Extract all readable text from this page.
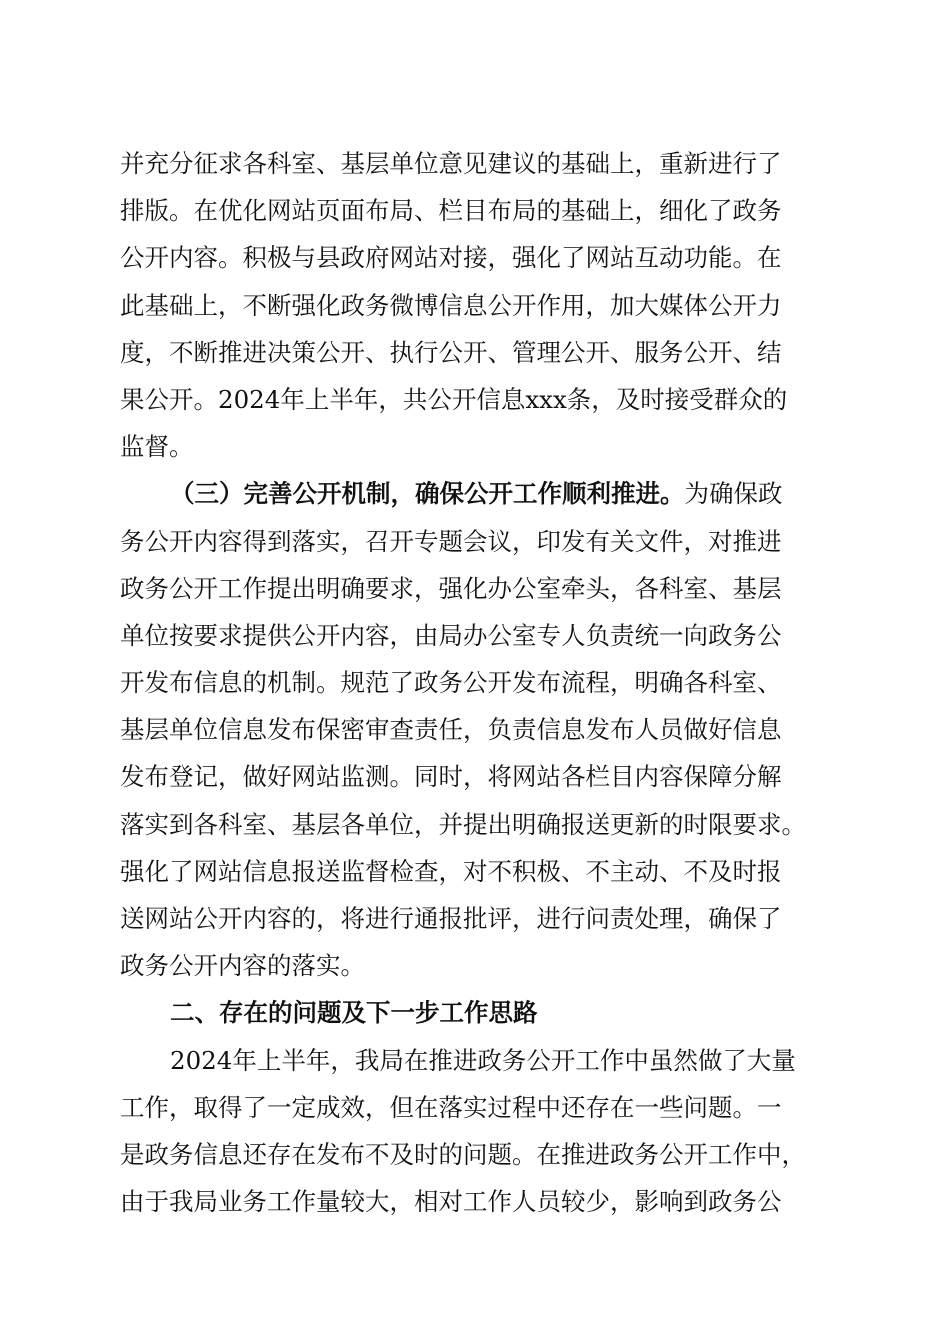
并充分征求各科室、基层单位意见建议的基础上，重新进行了
排版。在优化网站页面布局、栏目布局的基础上，细化了政务
公开内容。积极与县政府网站对接，强化了网站互动功能。在
此基础上，不断强化政务微博信息公开作用，加大媒体公开力
度，不断推进决策公开、执行公开、管理公开、服务公开、结
果公开。2024年上半年，共公开信息xxx条，及时接受群众的
监督。
（三）完善公开机制，确保公开工作顺利推进。为确保政
务公开内容得到落实，召开专题会议，印发有关文件，对推进
政务公开工作提出明确要求，强化办公室牵头，各科室、基层
单位按要求提供公开内容，由局办公室专人负责统一向政务公
开发布信息的机制。规范了政务公开发布流程，明确各科室、
基层单位信息发布保密审查责任，负责信息发布人员做好信息
发布登记，做好网站监测。同时，将网站各栏目内容保障分解
落实到各科室、基层各单位，并提出明确报送更新的时限要求。
强化了网站信息报送监督检查，对不积极、不主动、不及时报
送网站公开内容的，将进行通报批评，进行问责处理，确保了
政务公开内容的落实。
二、存在的问题及下一步工作思路
2024年上半年，我局在推进政务公开工作中虽然做了大量
工作，取得了一定成效，但在落实过程中还存在一些问题。一
是政务信息还存在发布不及时的问题。在推进政务公开工作中，
由于我局业务工作量较大，相对工作人员较少，影响到政务公
